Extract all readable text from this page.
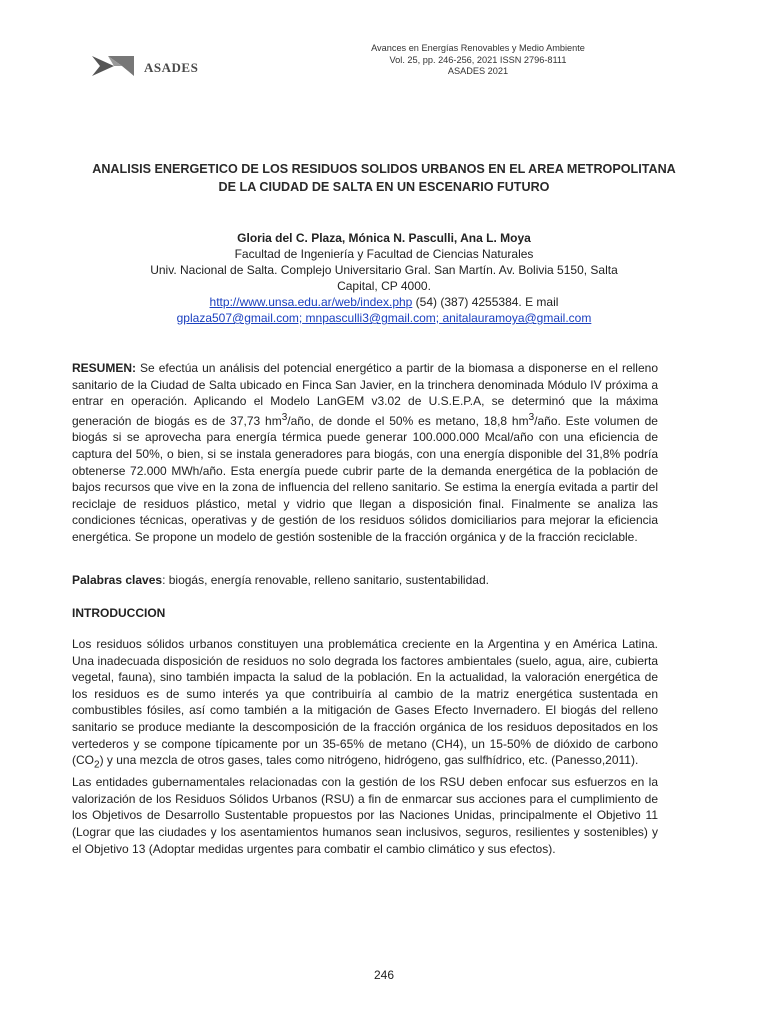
ASADES
Avances en Energías Renovables y Medio Ambiente
Vol. 25, pp. 246-256, 2021 ISSN 2796-8111
ASADES 2021
ANALISIS ENERGETICO DE LOS RESIDUOS SOLIDOS URBANOS EN EL AREA METROPOLITANA
DE LA CIUDAD DE SALTA EN UN ESCENARIO FUTURO
Gloria del C. Plaza, Mónica N. Pasculli, Ana L. Moya
Facultad de Ingeniería y Facultad de Ciencias Naturales
Univ. Nacional de Salta. Complejo Universitario Gral. San Martín. Av. Bolivia 5150, Salta
Capital, CP 4000.
http://www.unsa.edu.ar/web/index.php (54) (387) 4255384. E mail
gplaza507@gmail.com; mnpasculli3@gmail.com; anitalauramoya@gmail.com

RESUMEN: Se efectúa un análisis del potencial energético a partir de la biomasa a disponerse en el relleno sanitario de la Ciudad de Salta ubicado en Finca San Javier, en la trinchera denominada Módulo IV próxima a entrar en operación. Aplicando el Modelo LanGEM v3.02 de U.S.E.P.A, se determinó que la máxima generación de biogás es de 37,73 $hm^3$/año, de donde el 50% es metano, 18,8 $hm^3$/año. Este volumen de biogás si se aprovecha para energía térmica puede generar 100.000.000 Mcal/año con una eficiencia de captura del 50%, o bien, si se instala generadores para biogás, con una energía disponible del 31,8% podría obtenerse 72.000 MWh/año. Esta energía puede cubrir parte de la demanda energética de la población de bajos recursos que vive en la zona de influencia del relleno sanitario. Se estima la energía evitada a partir del reciclaje de residuos plástico, metal y vidrio que llegan a disposición final. Finalmente se analiza las condiciones técnicas, operativas y de gestión de los residuos sólidos domiciliarios para mejorar la eficiencia energética. Se propone un modelo de gestión sostenible de la fracción orgánica y de la fracción reciclable.

Palabras claves: biogás, energía renovable, relleno sanitario, sustentabilidad.

INTRODUCCION

Los residuos sólidos urbanos constituyen una problemática creciente en la Argentina y en América Latina. Una inadecuada disposición de residuos no solo degrada los factores ambientales (suelo, agua, aire, cubierta vegetal, fauna), sino también impacta la salud de la población. En la actualidad, la valoración energética de los residuos es de sumo interés ya que contribuiría al cambio de la matriz energética sustentada en combustibles fósiles, así como también a la mitigación de Gases Efecto Invernadero. El biogás del relleno sanitario se produce mediante la descomposición de la fracción orgánica de los residuos depositados en los vertederos y se compone típicamente por un 35-65% de metano (CH4), un 15-50% de dióxido de carbono $(CO_2)$ y una mezcla de otros gases, tales como nitrógeno, hidrógeno, gas sulfhídrico, etc. (Panesso,2011).

Las entidades gubernamentales relacionadas con la gestión de los RSU deben enfocar sus esfuerzos en la valorización de los Residuos Sólidos Urbanos (RSU) a fin de enmarcar sus acciones para el cumplimiento de los Objetivos de Desarrollo Sustentable propuestos por las Naciones Unidas, principalmente el Objetivo 11 (Lograr que las ciudades y los asentamientos humanos sean inclusivos, seguros, resilientes y sostenibles) y el Objetivo 13 (Adoptar medidas urgentes para combatir el cambio climático y sus efectos).

246
